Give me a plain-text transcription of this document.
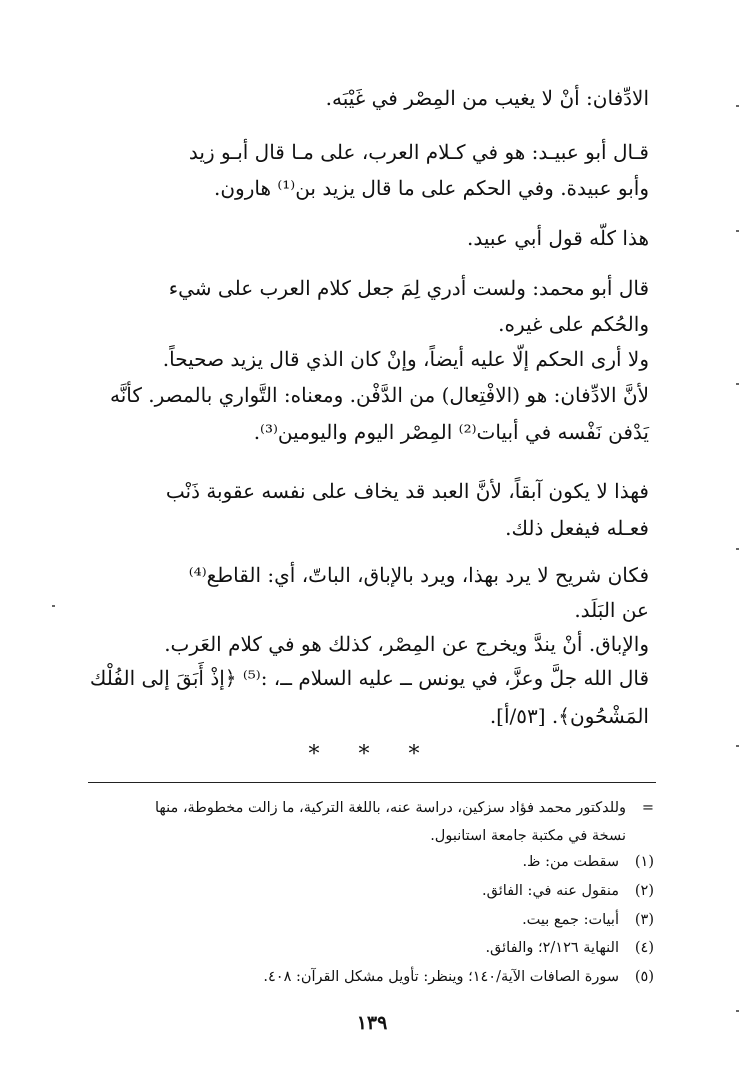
الادِّفان: أنْ لا يغيب من المِصْر في غَيْبَه.
قـال أبو عبيـد: هو في كـلام العرب، على مـا قال أبـو زيد
وأبو عبيدة. وفي الحكم على ما قال يزيد بن⁽¹⁾ هارون.
هذا كلّه قول أبي عبيد.
قال أبو محمد: ولست أدري لِمَ جعل كلام العرب على شيء
والحُكم على غيره.
ولا أرى الحكم إلّا عليه أيضاً، وإنْ كان الذي قال يزيد صحيحاً.
لأنَّ الادِّفان: هو (الافْتِعال) من الدَّفْن. ومعناه: التَّواري بالمصر. كأنَّه
يَدْفن نَفْسه في أبيات⁽²⁾ المِصْر اليوم واليومين⁽³⁾.
فهذا لا يكون آبقاً، لأنَّ العبد قد يخاف على نفسه عقوبة ذَنْب
فعـله فيفعل ذلك.
فكان شريح لا يرد بهذا، ويرد بالإباق، الباتّ، أي: القاطع⁽⁴⁾
عن البَلَد.
والإباق. أنْ يندَّ ويخرج عن المِصْر، كذلك هو في كلام العَرب.
قال الله جلَّ وعزَّ، في يونس ــ عليه السلام ــ، :⁽⁵⁾ ﴿إذْ أَبَقَ إلى الفُلْك
المَشْحُون﴾. [٥٣/أ].
* * *
=
وللدكتور محمد فؤاد سزكين، دراسة عنه، باللغة التركية، ما زالت مخطوطة، منها
نسخة في مكتبة جامعة استانبول.
(١)
سقطت من: ظ.
(٢)
منقول عنه في: الفائق.
(٣)
أبيات: جمع بيت.
(٤)
النهاية ٢/١٢٦؛ والفائق.
(٥)
سورة الصافات الآية/١٤٠؛ وينظر: تأويل مشكل القرآن: ٤٠٨.
١٣٩
